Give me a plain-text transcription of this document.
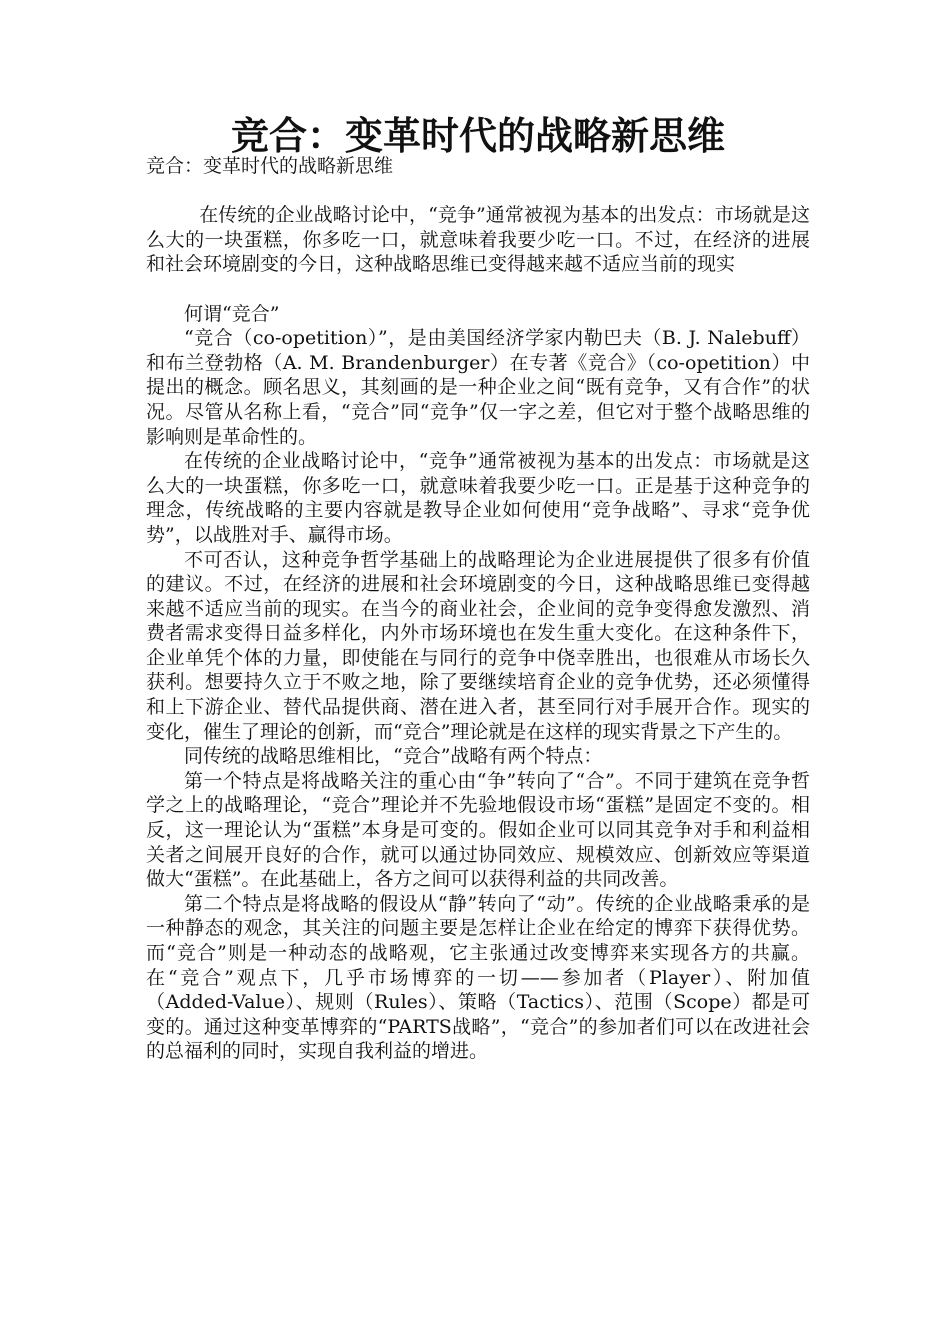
竞合：变革时代的战略新思维

竞合：变革时代的战略新思维

在传统的企业战略讨论中，“竞争”通常被视为基本的出发点：市场就是这么大的一块蛋糕，你多吃一口，就意味着我要少吃一口。不过，在经济的进展和社会环境剧变的今日，这种战略思维已变得越来越不适应当前的现实

何谓“竞合”

“竞合（co-opetition）”，是由美国经济学家内勒巴夫（B. J. Nalebuff）和布兰登勃格（A. M. Brandenburger）在专著《竞合》（co-opetition）中提出的概念。顾名思义，其刻画的是一种企业之间“既有竞争，又有合作”的状况。尽管从名称上看，“竞合”同“竞争”仅一字之差，但它对于整个战略思维的影响则是革命性的。

在传统的企业战略讨论中，“竞争”通常被视为基本的出发点：市场就是这么大的一块蛋糕，你多吃一口，就意味着我要少吃一口。正是基于这种竞争的理念，传统战略的主要内容就是教导企业如何使用“竞争战略”、寻求“竞争优势”，以战胜对手、赢得市场。

不可否认，这种竞争哲学基础上的战略理论为企业进展提供了很多有价值的建议。不过，在经济的进展和社会环境剧变的今日，这种战略思维已变得越来越不适应当前的现实。在当今的商业社会，企业间的竞争变得愈发激烈、消费者需求变得日益多样化，内外市场环境也在发生重大变化。在这种条件下，企业单凭个体的力量，即使能在与同行的竞争中侥幸胜出，也很难从市场长久获利。想要持久立于不败之地，除了要继续培育企业的竞争优势，还必须懂得和上下游企业、替代品提供商、潜在进入者，甚至同行对手展开合作。现实的变化，催生了理论的创新，而“竞合”理论就是在这样的现实背景之下产生的。

同传统的战略思维相比，“竞合”战略有两个特点：

第一个特点是将战略关注的重心由“争”转向了“合”。不同于建筑在竞争哲学之上的战略理论，“竞合”理论并不先验地假设市场“蛋糕”是固定不变的。相反，这一理论认为“蛋糕”本身是可变的。假如企业可以同其竞争对手和利益相关者之间展开良好的合作，就可以通过协同效应、规模效应、创新效应等渠道做大“蛋糕”。在此基础上，各方之间可以获得利益的共同改善。

第二个特点是将战略的假设从“静”转向了“动”。传统的企业战略秉承的是一种静态的观念，其关注的问题主要是怎样让企业在给定的博弈下获得优势。而“竞合”则是一种动态的战略观，它主张通过改变博弈来实现各方的共赢。在“竞合”观点下，几乎市场博弈的一切——参加者（Player）、附加值（Added-Value）、规则（Rules）、策略（Tactics）、范围（Scope）都是可变的。通过这种变革博弈的“PARTS战略”，“竞合”的参加者们可以在改进社会的总福利的同时，实现自我利益的增进。
